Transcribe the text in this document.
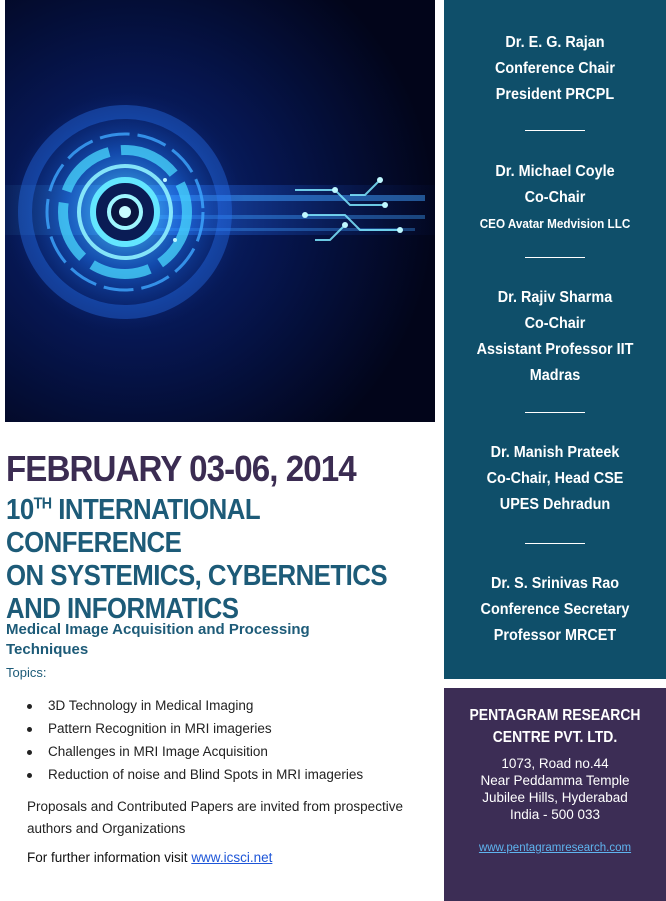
FEBRUARY 03-06, 2014
10TH INTERNATIONAL CONFERENCE
ON SYSTEMICS, CYBERNETICS
AND INFORMATICS
Medical Image Acquisition and Processing Techniques
Topics:
3D Technology in Medical Imaging
Pattern Recognition in MRI imageries
Challenges in MRI Image Acquisition
Reduction of noise and Blind Spots in MRI imageries
Proposals and Contributed Papers are invited from prospective authors and Organizations
For further information visit www.icsci.net
Dr. E. G. Rajan
Conference Chair
President PRCPL
Dr. Michael Coyle
Co-Chair
CEO Avatar Medvision LLC
Dr. Rajiv Sharma
Co-Chair
Assistant Professor IIT
Madras
Dr. Manish Prateek
Co-Chair, Head CSE
UPES Dehradun
Dr. S. Srinivas Rao
Conference Secretary
Professor MRCET
PENTAGRAM RESEARCH
CENTRE PVT. LTD.
1073, Road no.44
Near Peddamma Temple
Jubilee Hills, Hyderabad
India - 500 033
www.pentagramresearch.com
